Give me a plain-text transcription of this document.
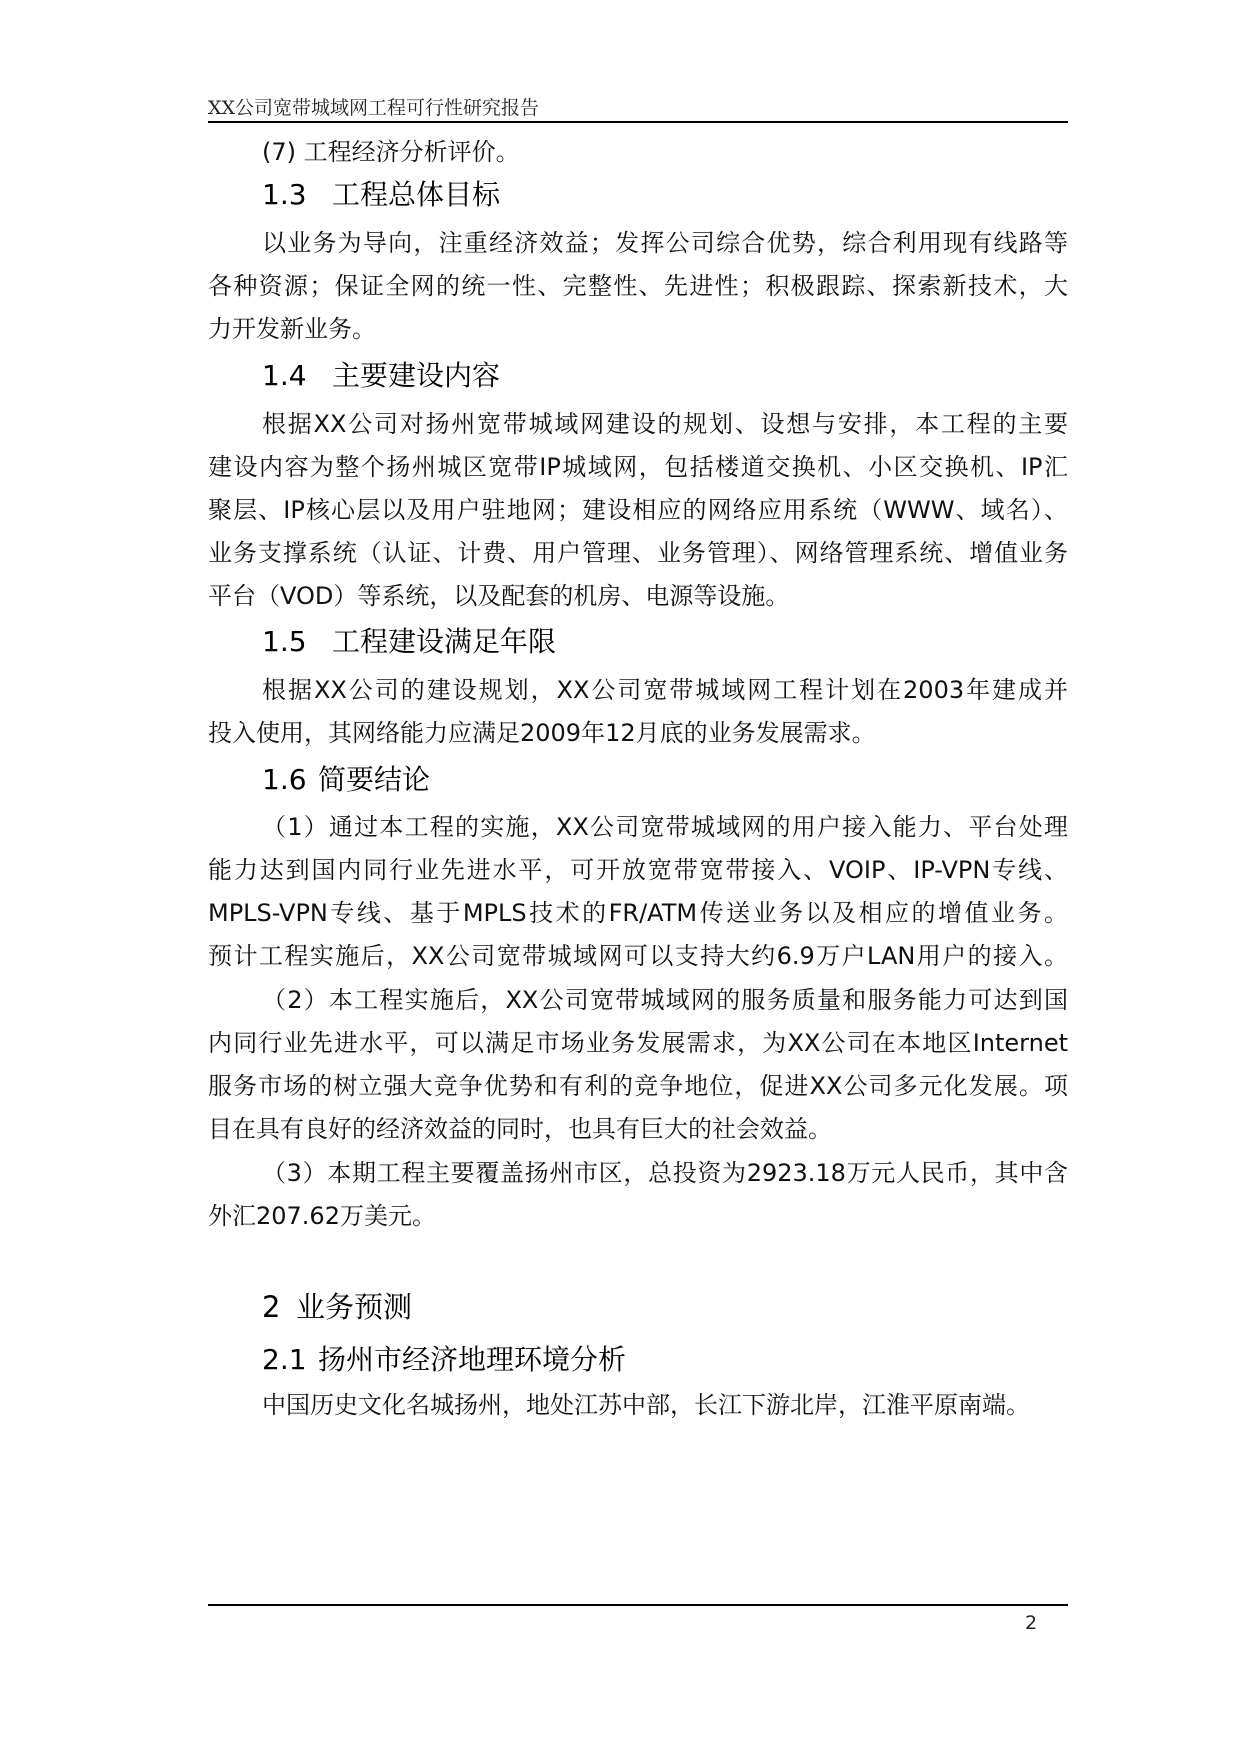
XX公司宽带城域网工程可行性研究报告
(7) 工程经济分析评价。
1.3 工程总体目标
以业务为导向，注重经济效益；发挥公司综合优势，综合利用现有线路等
各种资源；保证全网的统一性、完整性、先进性；积极跟踪、探索新技术，大
力开发新业务。
1.4 主要建设内容
根据XX公司对扬州宽带城域网建设的规划、设想与安排，本工程的主要
建设内容为整个扬州城区宽带IP城域网，包括楼道交换机、小区交换机、IP汇
聚层、IP核心层以及用户驻地网；建设相应的网络应用系统（WWW、域名）、
业务支撑系统（认证、计费、用户管理、业务管理）、网络管理系统、增值业务
平台（VOD）等系统，以及配套的机房、电源等设施。
1.5 工程建设满足年限
根据XX公司的建设规划，XX公司宽带城域网工程计划在2003年建成并
投入使用，其网络能力应满足2009年12月底的业务发展需求。
1.6 简要结论
（1）通过本工程的实施，XX公司宽带城域网的用户接入能力、平台处理
能力达到国内同行业先进水平，可开放宽带宽带接入、VOIP、IP-VPN专线、
MPLS-VPN专线、基于MPLS技术的FR/ATM传送业务以及相应的增值业务。
预计工程实施后，XX公司宽带城域网可以支持大约6.9万户LAN用户的接入。
（2）本工程实施后，XX公司宽带城域网的服务质量和服务能力可达到国
内同行业先进水平，可以满足市场业务发展需求，为XX公司在本地区Internet
服务市场的树立强大竞争优势和有利的竞争地位，促进XX公司多元化发展。项
目在具有良好的经济效益的同时，也具有巨大的社会效益。
（3）本期工程主要覆盖扬州市区，总投资为2923.18万元人民币，其中含
外汇207.62万美元。
2 业务预测
2.1 扬州市经济地理环境分析
中国历史文化名城扬州，地处江苏中部，长江下游北岸，江淮平原南端。
2
